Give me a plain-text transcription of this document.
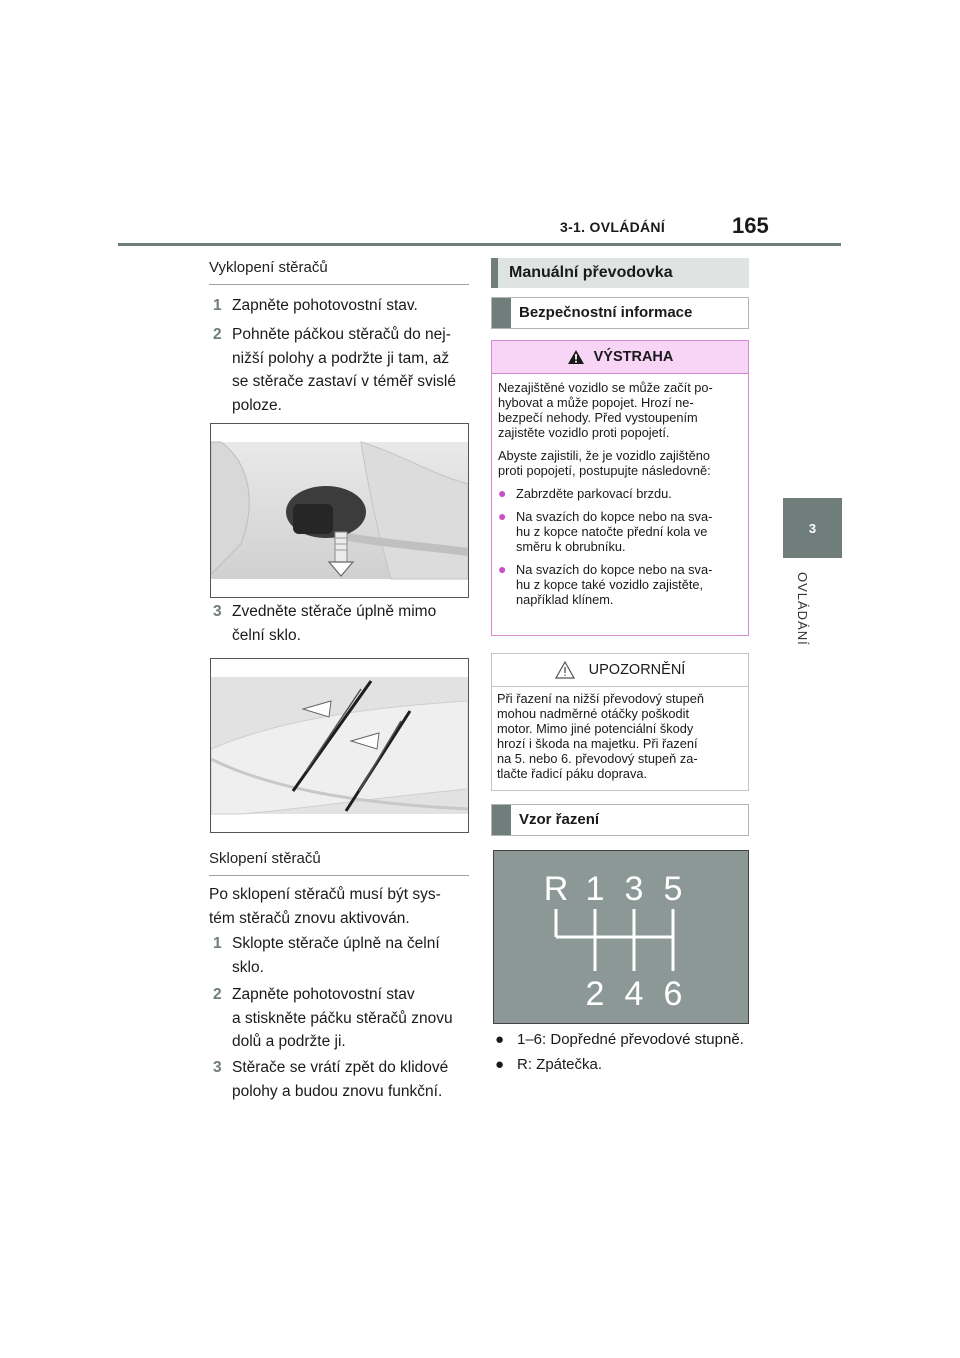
3-1. OVLÁDÁNÍ	165
3
OVLÁDÁNÍ
Vyklopení stěračů
1 Zapněte pohotovostní stav.
2 Pohněte páčkou stěračů do nej-
nižší polohy a podržte ji tam, až
se stěrače zastaví v téměř svislé
poloze.
3 Zvedněte stěrače úplně mimo
čelní sklo.
Sklopení stěračů
Po sklopení stěračů musí být sys-
tém stěračů znovu aktivován.
1 Sklopte stěrače úplně na čelní
sklo.
2 Zapněte pohotovostní stav
a stiskněte páčku stěračů znovu
dolů a podržte ji.
3 Stěrače se vrátí zpět do klidové
polohy a budou znovu funkční.
Manuální převodovka
Bezpečnostní informace
VÝSTRAHA

Nezajištěné vozidlo se může začít po-
hybovat a může popojet. Hrozí ne-
bezpečí nehody. Před vystoupením
zajistěte vozidlo proti popojetí.

Abyste zajistili, že je vozidlo zajištěno
proti popojetí, postupujte následovně:

● Zabrzděte parkovací brzdu.
● Na svazích do kopce nebo na sva-
hu z kopce natočte přední kola ve
směru k obrubníku.
● Na svazích do kopce nebo na sva-
hu z kopce také vozidlo zajistěte,
například klínem.
UPOZORNĚNÍ
Při řazení na nižší převodový stupeň
mohou nadměrné otáčky poškodit
motor. Mimo jiné potenciální škody
hrozí i škoda na majetku. Při řazení
na 5. nebo 6. převodový stupeň za-
tlačte řadicí páku doprava.
Vzor řazení
R 1 3 5
2 4 6
● 1–6: Dopředné převodové stupně.
● R: Zpátečka.
